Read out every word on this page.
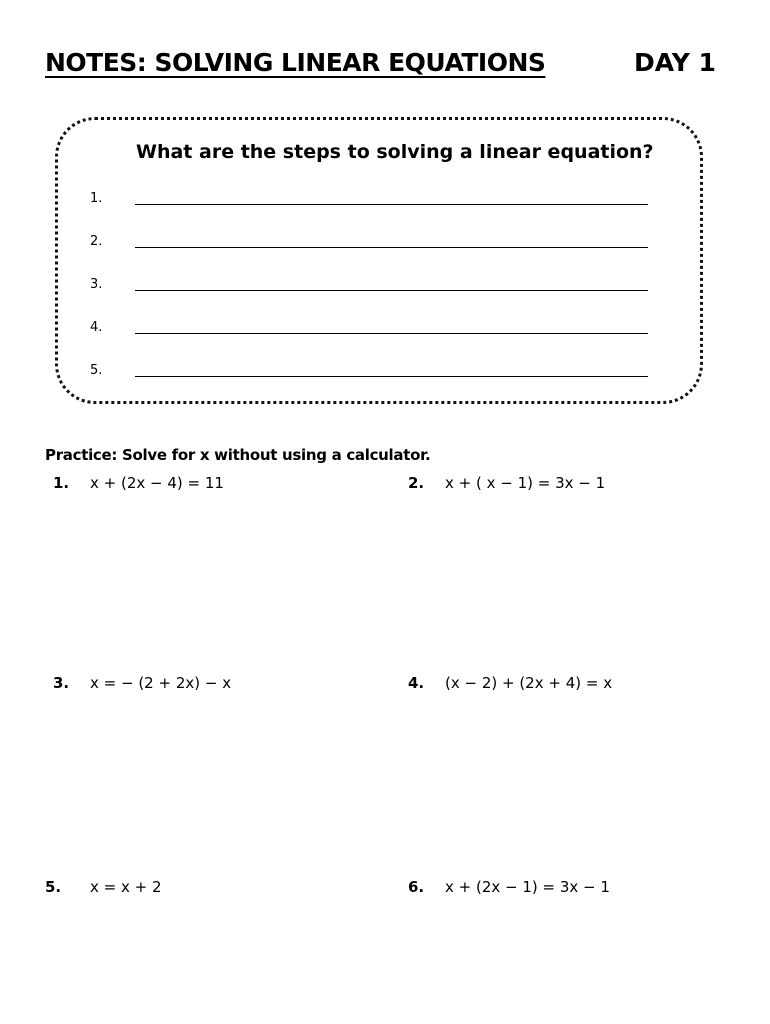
NOTES: SOLVING LINEAR EQUATIONS	DAY 1
What are the steps to solving a linear equation?
1.
2.
3.
4.
5.
Practice: Solve for x without using a calculator.
1. x + (2x − 4) = 11	2. x + ( x − 1) = 3x − 1
3. x = − (2 + 2x) − x	4. (x − 2) + (2x + 4) = x
5. x = x + 2	6. x + (2x − 1) = 3x − 1
